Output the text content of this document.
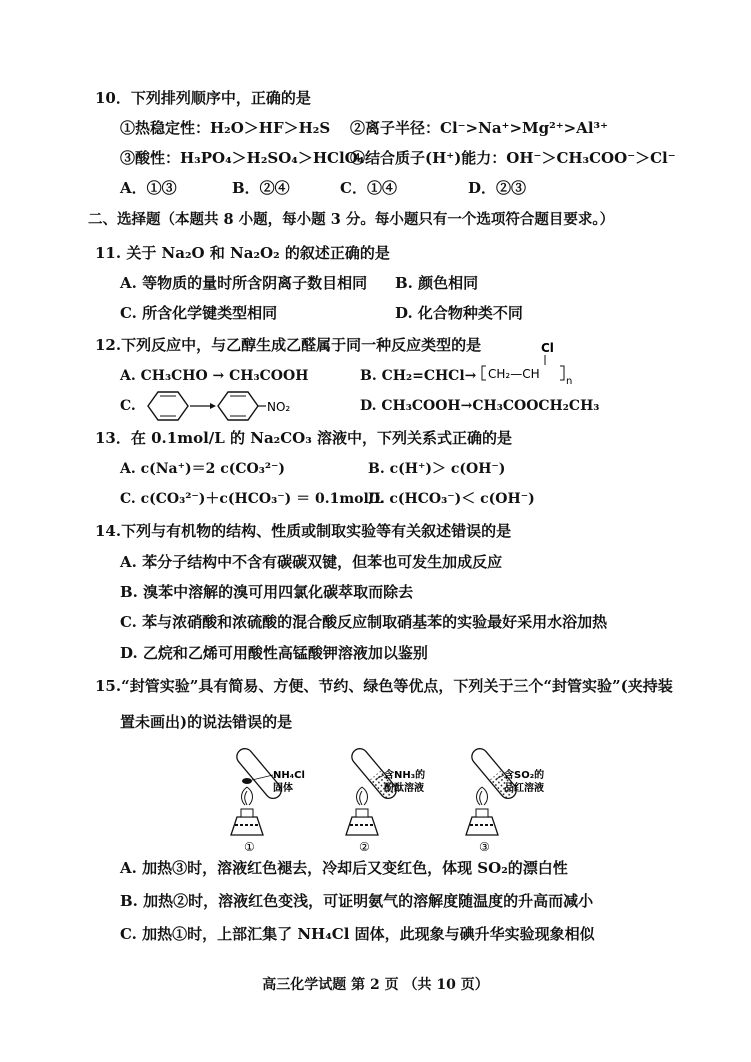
10．下列排列顺序中，正确的是
①热稳定性：H₂O＞HF＞H₂S ②离子半径：Cl⁻>Na⁺>Mg²⁺>Al³⁺
③酸性：H₃PO₄＞H₂SO₄＞HClO₄
④结合质子(H⁺)能力：OH⁻＞CH₃COO⁻＞Cl⁻
A．①③	B．②④	C．①④	D．②③
二、选择题（本题共 8 小题，每小题 3 分。每小题只有一个选项符合题目要求。）
11. 关于 Na₂O 和 Na₂O₂ 的叙述正确的是
A. 等物质的量时所含阴离子数目相同 B. 颜色相同
C. 所含化学键类型相同	D. 化合物种类不同
12.下列反应中，与乙醇生成乙醛属于同一种反应类型的是
A. CH₃CHO → CH₃COOH	B. CH₂=CHCl→
Cl
CH₂—CH
n
C.	NO₂	D. CH₃COOH→CH₃COOCH₂CH₃
13．在 0.1mol/L 的 Na₂CO₃ 溶液中，下列关系式正确的是
A. c(Na⁺)＝2 c(CO₃²⁻)	B. c(H⁺)＞ c(OH⁻)
C. c(CO₃²⁻)＋c(HCO₃⁻) ＝ 0.1mol/L
D. c(HCO₃⁻)＜ c(OH⁻)
14.下列与有机物的结构、性质或制取实验等有关叙述错误的是
A. 苯分子结构中不含有碳碳双键，但苯也可发生加成反应
B. 溴苯中溶解的溴可用四氯化碳萃取而除去
C. 苯与浓硝酸和浓硫酸的混合酸反应制取硝基苯的实验最好采用水浴加热
D. 乙烷和乙烯可用酸性高锰酸钾溶液加以鉴别
15.“封管实验”具有简易、方便、节约、绿色等优点，下列关于三个“封管实验”(夹持装
置未画出)的说法错误的是
NH₄Cl
固体
①
含NH₃的
酚酞溶液
②
含SO₂的
品红溶液
③
A. 加热③时，溶液红色褪去，冷却后又变红色，体现 SO₂的漂白性
B. 加热②时，溶液红色变浅，可证明氨气的溶解度随温度的升高而减小
C. 加热①时，上部汇集了 NH₄Cl 固体，此现象与碘升华实验现象相似
高三化学试题 第 2 页 （共 10 页）
